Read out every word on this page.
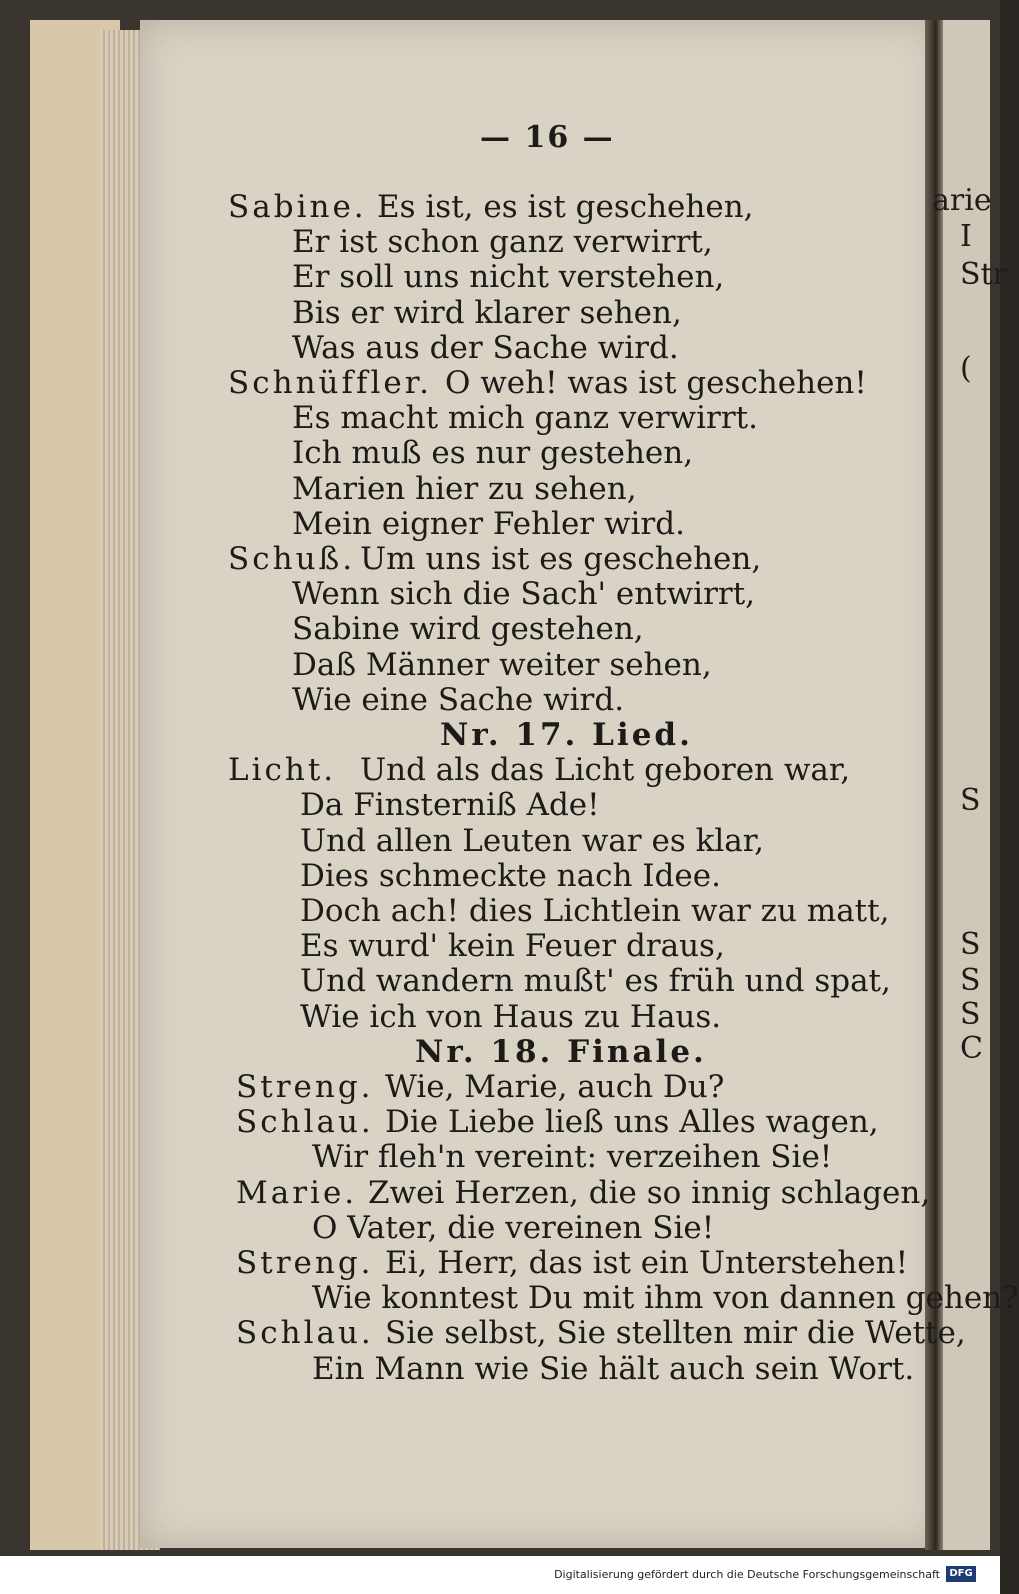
— 16 —
Sabine. Es ist, es ist geschehen,
Er ist schon ganz verwirrt,
Er soll uns nicht verstehen,
Bis er wird klarer sehen,
Was aus der Sache wird.
Schnüffler. O weh! was ist geschehen!
Es macht mich ganz verwirrt.
Ich muß es nur gestehen,
Marien hier zu sehen,
Mein eigner Fehler wird.
Schuß. Um uns ist es geschehen,
Wenn sich die Sach' entwirrt,
Sabine wird gestehen,
Daß Männer weiter sehen,
Wie eine Sache wird.
Nr. 17. Lied.
Licht. Und als das Licht geboren war,
Da Finsterniß Ade!
Und allen Leuten war es klar,
Dies schmeckte nach Idee.
Doch ach! dies Lichtlein war zu matt,
Es wurd' kein Feuer draus,
Und wandern mußt' es früh und spat,
Wie ich von Haus zu Haus.
Nr. 18. Finale.
Streng. Wie, Marie, auch Du?
Schlau. Die Liebe ließ uns Alles wagen,
Wir fleh'n vereint: verzeihen Sie!
Marie. Zwei Herzen, die so innig schlagen,
O Vater, die vereinen Sie!
Streng. Ei, Herr, das ist ein Unterstehen!
Wie konntest Du mit ihm von dannen gehen?
Schlau. Sie selbst, Sie stellten mir die Wette,
Ein Mann wie Sie hält auch sein Wort.
arie
I
Str
(
S
S
S
S
C
Digitalisierung gefördert durch die Deutsche Forschungsgemeinschaft DFG
